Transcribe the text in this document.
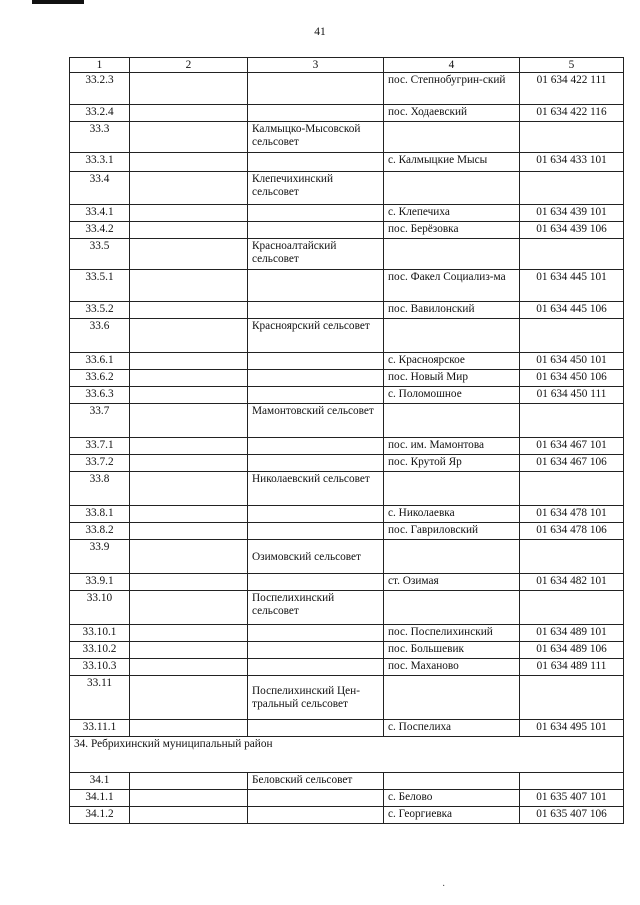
41
1	2	3	4	5
33.2.3			пос. Степнобугрин-ский	01 634 422 111
33.2.4			пос. Ходаевский	01 634 422 116
33.3		Калмыцко-Мысовской сельсовет		
33.3.1			с. Калмыцкие Мысы	01 634 433 101
33.4		Клепечихинский сельсовет		
33.4.1			с. Клепечиха	01 634 439 101
33.4.2			пос. Берёзовка	01 634 439 106
33.5		Красноалтайский сельсовет		
33.5.1			пос. Факел Социализ-ма	01 634 445 101
33.5.2			пос. Вавилонский	01 634 445 106
33.6		Красноярский сельсовет		
33.6.1			с. Красноярское	01 634 450 101
33.6.2			пос. Новый Мир	01 634 450 106
33.6.3			с. Поломошное	01 634 450 111
33.7		Мамонтовский сельсовет		
33.7.1			пос. им. Мамонтова	01 634 467 101
33.7.2			пос. Крутой Яр	01 634 467 106
33.8		Николаевский сельсовет		
33.8.1			с. Николаевка	01 634 478 101
33.8.2			пос. Гавриловский	01 634 478 106
33.9		Озимовский сельсовет		
33.9.1			ст. Озимая	01 634 482 101
33.10		Поспелихинский сельсовет		
33.10.1			пос. Поспелихинский	01 634 489 101
33.10.2			пос. Большевик	01 634 489 106
33.10.3			пос. Маханово	01 634 489 111
33.11		Поспелихинский Цен-тральный сельсовет		
33.11.1			с. Поспелиха	01 634 495 101
34. Ребрихинский муниципальный район				
34.1		Беловский сельсовет		
34.1.1			с. Белово	01 635 407 101
34.1.2			с. Георгиевка	01 635 407 106
·
